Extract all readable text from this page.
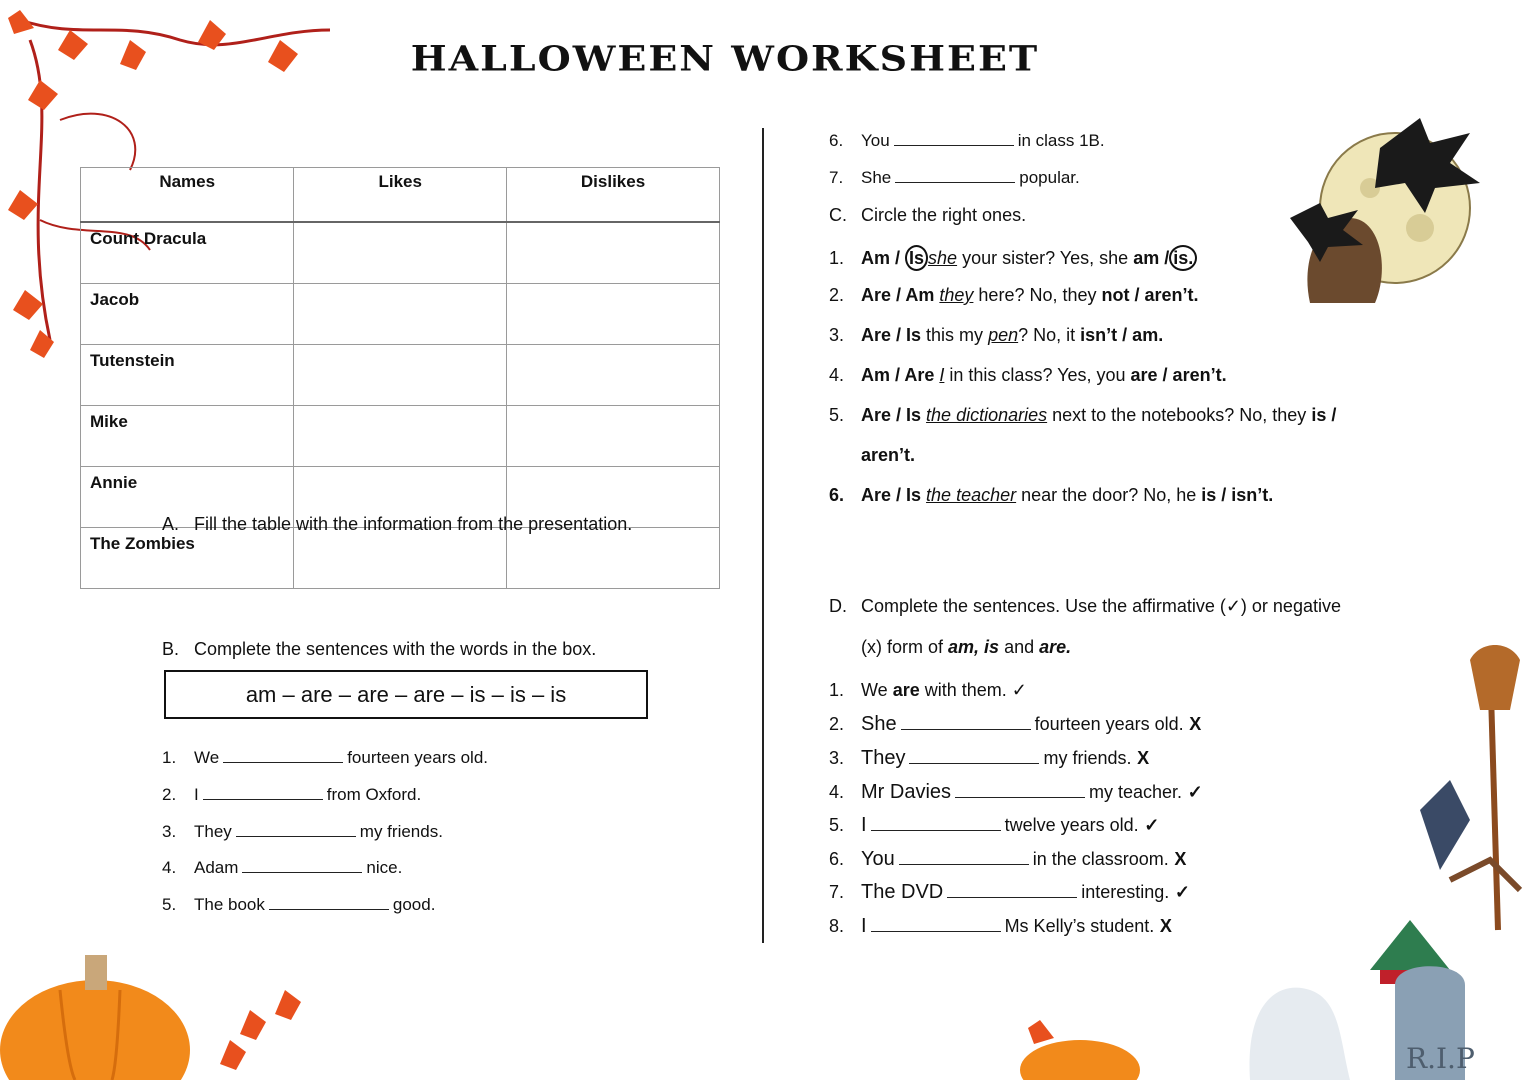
R.I.P
HALLOWEEN WORKSHEET
Names	Likes	Dislikes
Count Dracula		
Jacob		
Tutenstein		
Mike		
Annie		
The Zombies		
A. Fill the table with the information from the presentation.
B. Complete the sentences with the words in the box.
am – are – are – are – is – is – is
1. We	fourteen years old.
2. I	from Oxford.
3. They	my friends.
4. Adam	nice.
5. The book	good.
6. You	in class 1B.
7. She	popular.
C. Circle the right ones.
1. Am / Is she your sister? Yes, she am / is.
2. Are / Am they here? No, they not / aren’t.
3. Are / Is this my pen? No, it isn’t / am.
4. Am / Are I in this class? Yes, you are / aren’t.
5. Are / Is the dictionaries next to the notebooks? No, they is /
aren’t.
6. Are / Is the teacher near the door? No, he is / isn’t.
D. Complete the sentences. Use the affirmative (✓) or negative
(x) form of am, is and are.
1. We are with them. ✓
2. She	fourteen years old. X
3. They	my friends. X
4. Mr Davies	my teacher. ✓
5. I	twelve years old. ✓
6. You	in the classroom. X
7. The DVD	interesting. ✓
8. I	Ms Kelly’s student. X
